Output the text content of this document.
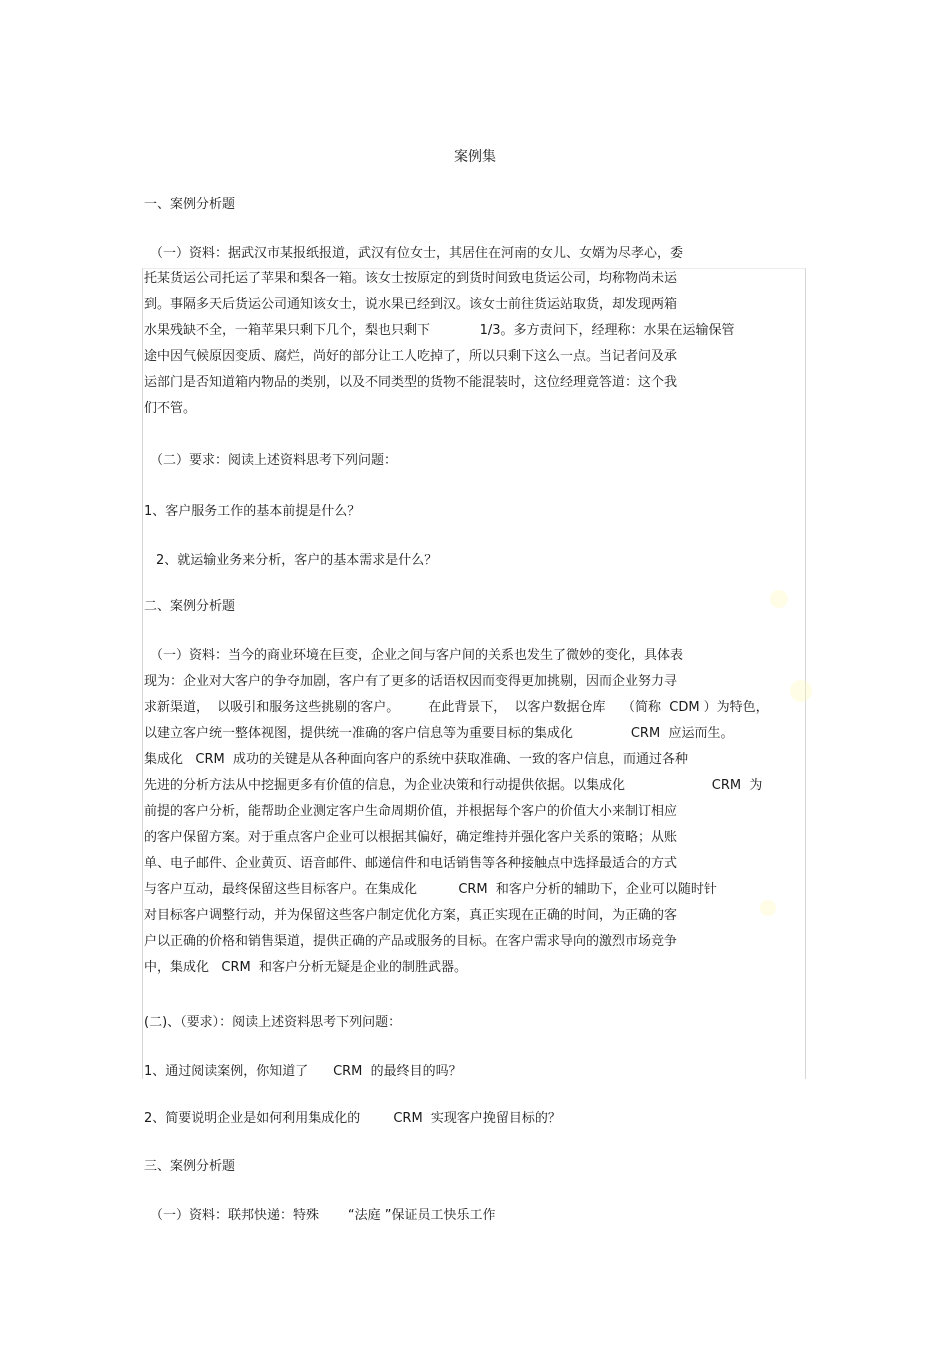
案例集
一、案例分析题
（一）资料：据武汉市某报纸报道，武汉有位女士，其居住在河南的女儿、女婿为尽孝心，委
托某货运公司托运了苹果和梨各一箱。该女士按原定的到货时间致电货运公司，均称物尚未运
到。事隔多天后货运公司通知该女士，说水果已经到汉。该女士前往货运站取货，却发现两箱
水果残缺不全，一箱苹果只剩下几个，梨也只剩下            1/3。多方责问下，经理称：水果在运输保管
途中因气候原因变质、腐烂，尚好的部分让工人吃掉了，所以只剩下这么一点。当记者问及承
运部门是否知道箱内物品的类别，以及不同类型的货物不能混装时，这位经理竟答道：这个我
们不管。
（二）要求：阅读上述资料思考下列问题：
1、客户服务工作的基本前提是什么？
2、就运输业务来分析，客户的基本需求是什么？
二、案例分析题
（一）资料：当今的商业环境在巨变，企业之间与客户间的关系也发生了微妙的变化，具体表
现为：企业对大客户的争夺加剧，客户有了更多的话语权因而变得更加挑剔，因而企业努力寻
求新渠道，  以吸引和服务这些挑剔的客户。       在此背景下，  以客户数据仓库    （简称  CDM ）为特色，
以建立客户统一整体视图，提供统一准确的客户信息等为重要目标的集成化              CRM  应运而生。
集成化   CRM  成功的关键是从各种面向客户的系统中获取准确、一致的客户信息，而通过各种
先进的分析方法从中挖掘更多有价值的信息，为企业决策和行动提供依据。以集成化                     CRM  为
前提的客户分析，能帮助企业测定客户生命周期价值，并根据每个客户的价值大小来制订相应
的客户保留方案。对于重点客户企业可以根据其偏好，确定维持并强化客户关系的策略；从账
单、电子邮件、企业黄页、语音邮件、邮递信件和电话销售等各种接触点中选择最适合的方式
与客户互动，最终保留这些目标客户。在集成化          CRM  和客户分析的辅助下，企业可以随时针
对目标客户调整行动，并为保留这些客户制定优化方案，真正实现在正确的时间，为正确的客
户以正确的价格和销售渠道，提供正确的产品或服务的目标。在客户需求导向的激烈市场竞争
中，集成化   CRM  和客户分析无疑是企业的制胜武器。
(二)、（要求）：阅读上述资料思考下列问题：
1、通过阅读案例，你知道了      CRM  的最终目的吗？
2、简要说明企业是如何利用集成化的        CRM  实现客户挽留目标的？
三、案例分析题
（一）资料：联邦快递：特殊       “法庭 ”保证员工快乐工作
